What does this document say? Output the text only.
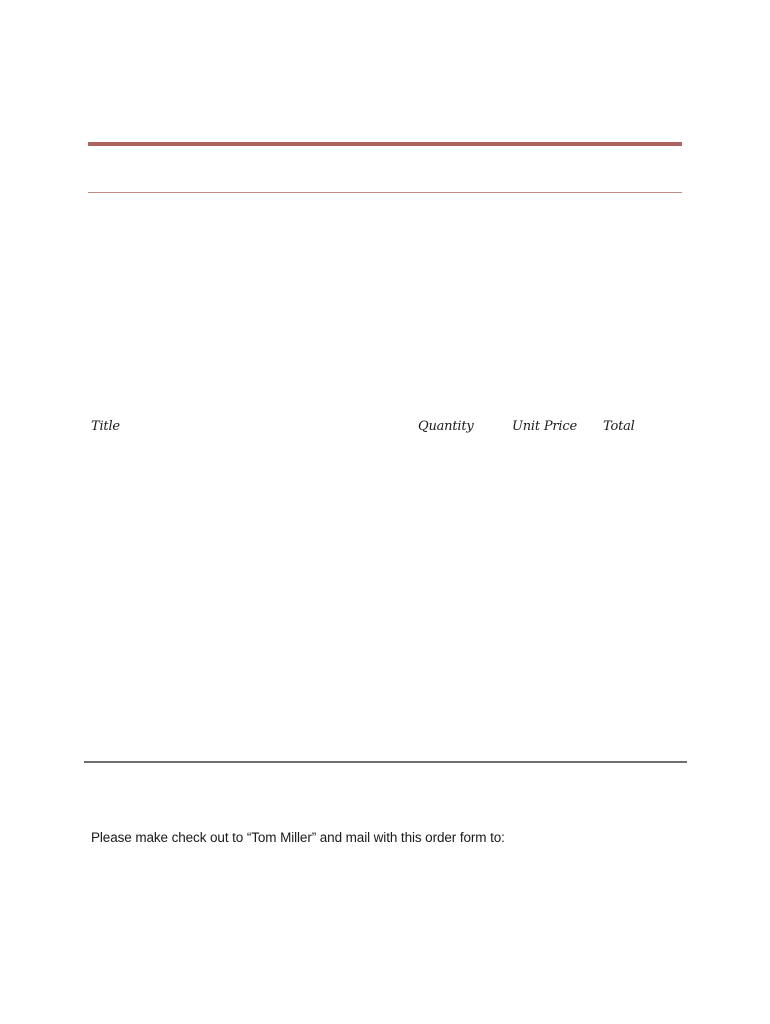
Title	Quantity	Unit Price Total
Please make check out to “Tom Miller” and mail with this order form to:
